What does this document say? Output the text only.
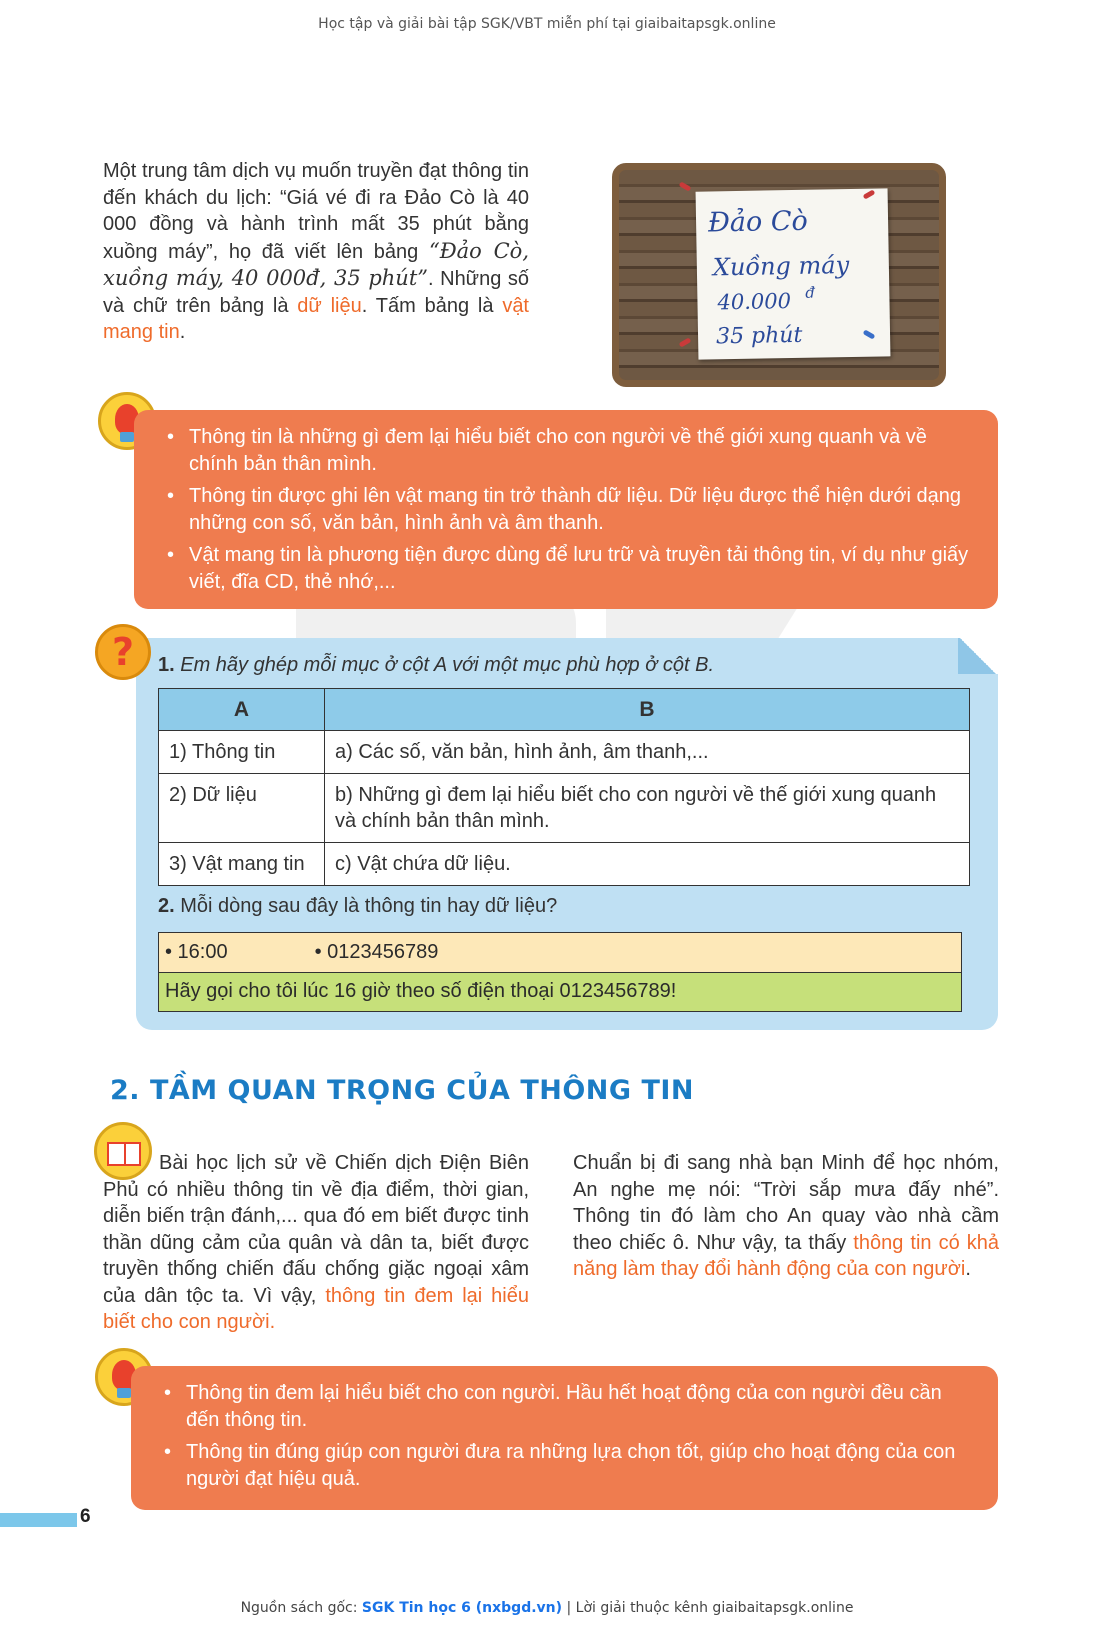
Học tập và giải bài tập SGK/VBT miễn phí tại giaibaitapsgk.online
Một trung tâm dịch vụ muốn truyền đạt thông tin đến khách du lịch: “Giá vé đi ra Đảo Cò là 40 000 đồng và hành trình mất 35 phút bằng xuồng máy”, họ đã viết lên bảng “Đảo Cò, xuồng máy, 40 000đ, 35 phút”. Những số và chữ trên bảng là dữ liệu. Tấm bảng là vật mang tin.
Đảo Cò
Xuồng máy
40.000 đ
35 phút
• Thông tin là những gì đem lại hiểu biết cho con người về thế giới xung quanh và về chính bản thân mình.
• Thông tin được ghi lên vật mang tin trở thành dữ liệu. Dữ liệu được thể hiện dưới dạng những con số, văn bản, hình ảnh và âm thanh.
• Vật mang tin là phương tiện được dùng để lưu trữ và truyền tải thông tin, ví dụ như giấy viết, đĩa CD, thẻ nhớ,...
?	1. Em hãy ghép mỗi mục ở cột A với một mục phù hợp ở cột B.
A	B
1) Thông tin	a) Các số, văn bản, hình ảnh, âm thanh,...
2) Dữ liệu	b) Những gì đem lại hiểu biết cho con người về thế giới xung quanh và chính bản thân mình.
3) Vật mang tin	c) Vật chứa dữ liệu.
2. Mỗi dòng sau đây là thông tin hay dữ liệu?
• 16:00	• 0123456789
Hãy gọi cho tôi lúc 16 giờ theo số điện thoại 0123456789!
2. TẦM QUAN TRỌNG CỦA THÔNG TIN
Bài học lịch sử về Chiến dịch Điện Biên Phủ có nhiều thông tin về địa điểm, thời gian, diễn biến trận đánh,... qua đó em biết được tinh thần dũng cảm của quân và dân ta, biết được truyền thống chiến đấu chống giặc ngoại xâm của dân tộc ta. Vì vậy, thông tin đem lại hiểu biết cho con người.
Chuẩn bị đi sang nhà bạn Minh để học nhóm, An nghe mẹ nói: “Trời sắp mưa đấy nhé”. Thông tin đó làm cho An quay vào nhà cầm theo chiếc ô. Như vậy, ta thấy thông tin có khả năng làm thay đổi hành động của con người.
• Thông tin đem lại hiểu biết cho con người. Hầu hết hoạt động của con người đều cần đến thông tin.
• Thông tin đúng giúp con người đưa ra những lựa chọn tốt, giúp cho hoạt động của con người đạt hiệu quả.
6
Nguồn sách gốc: SGK Tin học 6 (nxbgd.vn) | Lời giải thuộc kênh giaibaitapsgk.online
